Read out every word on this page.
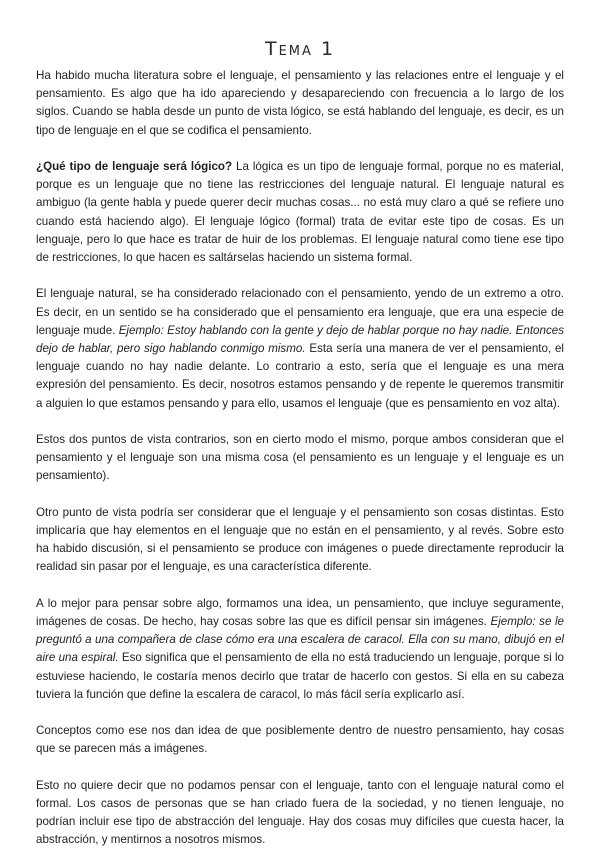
Tema 1

Ha habido mucha literatura sobre el lenguaje, el pensamiento y las relaciones entre el lenguaje y el pensamiento. Es algo que ha ido apareciendo y desapareciendo con frecuencia a lo largo de los siglos. Cuando se habla desde un punto de vista lógico, se está hablando del lenguaje, es decir, es un tipo de lenguaje en el que se codifica el pensamiento.

¿Qué tipo de lenguaje será lógico? La lógica es un tipo de lenguaje formal, porque no es material, porque es un lenguaje que no tiene las restricciones del lenguaje natural. El lenguaje natural es ambiguo (la gente habla y puede querer decir muchas cosas... no está muy claro a qué se refiere uno cuando está haciendo algo). El lenguaje lógico (formal) trata de evitar este tipo de cosas. Es un lenguaje, pero lo que hace es tratar de huir de los problemas. El lenguaje natural como tiene ese tipo de restricciones, lo que hacen es saltárselas haciendo un sistema formal.

El lenguaje natural, se ha considerado relacionado con el pensamiento, yendo de un extremo a otro. Es decir, en un sentido se ha considerado que el pensamiento era lenguaje, que era una especie de lenguaje mude. Ejemplo: Estoy hablando con la gente y dejo de hablar porque no hay nadie. Entonces dejo de hablar, pero sigo hablando conmigo mismo. Esta sería una manera de ver el pensamiento, el lenguaje cuando no hay nadie delante. Lo contrario a esto, sería que el lenguaje es una mera expresión del pensamiento. Es decir, nosotros estamos pensando y de repente le queremos transmitir a alguien lo que estamos pensando y para ello, usamos el lenguaje (que es pensamiento en voz alta).

Estos dos puntos de vista contrarios, son en cierto modo el mismo, porque ambos consideran que el pensamiento y el lenguaje son una misma cosa (el pensamiento es un lenguaje y el lenguaje es un pensamiento).

Otro punto de vista podría ser considerar que el lenguaje y el pensamiento son cosas distintas. Esto implicaría que hay elementos en el lenguaje que no están en el pensamiento, y al revés. Sobre esto ha habido discusión, si el pensamiento se produce con imágenes o puede directamente reproducir la realidad sin pasar por el lenguaje, es una característica diferente.

A lo mejor para pensar sobre algo, formamos una idea, un pensamiento, que incluye seguramente, imágenes de cosas. De hecho, hay cosas sobre las que es difícil pensar sin imágenes. Ejemplo: se le preguntó a una compañera de clase cómo era una escalera de caracol. Ella con su mano, dibujó en el aire una espiral. Eso significa que el pensamiento de ella no está traduciendo un lenguaje, porque si lo estuviese haciendo, le costaría menos decirlo que tratar de hacerlo con gestos. Si ella en su cabeza tuviera la función que define la escalera de caracol, lo más fácil sería explicarlo así.

Conceptos como ese nos dan idea de que posiblemente dentro de nuestro pensamiento, hay cosas que se parecen más a imágenes.

Esto no quiere decir que no podamos pensar con el lenguaje, tanto con el lenguaje natural como el formal. Los casos de personas que se han criado fuera de la sociedad, y no tienen lenguaje, no podrían incluir ese tipo de abstracción del lenguaje. Hay dos cosas muy difíciles que cuesta hacer, la abstracción, y mentirnos a nosotros mismos.
